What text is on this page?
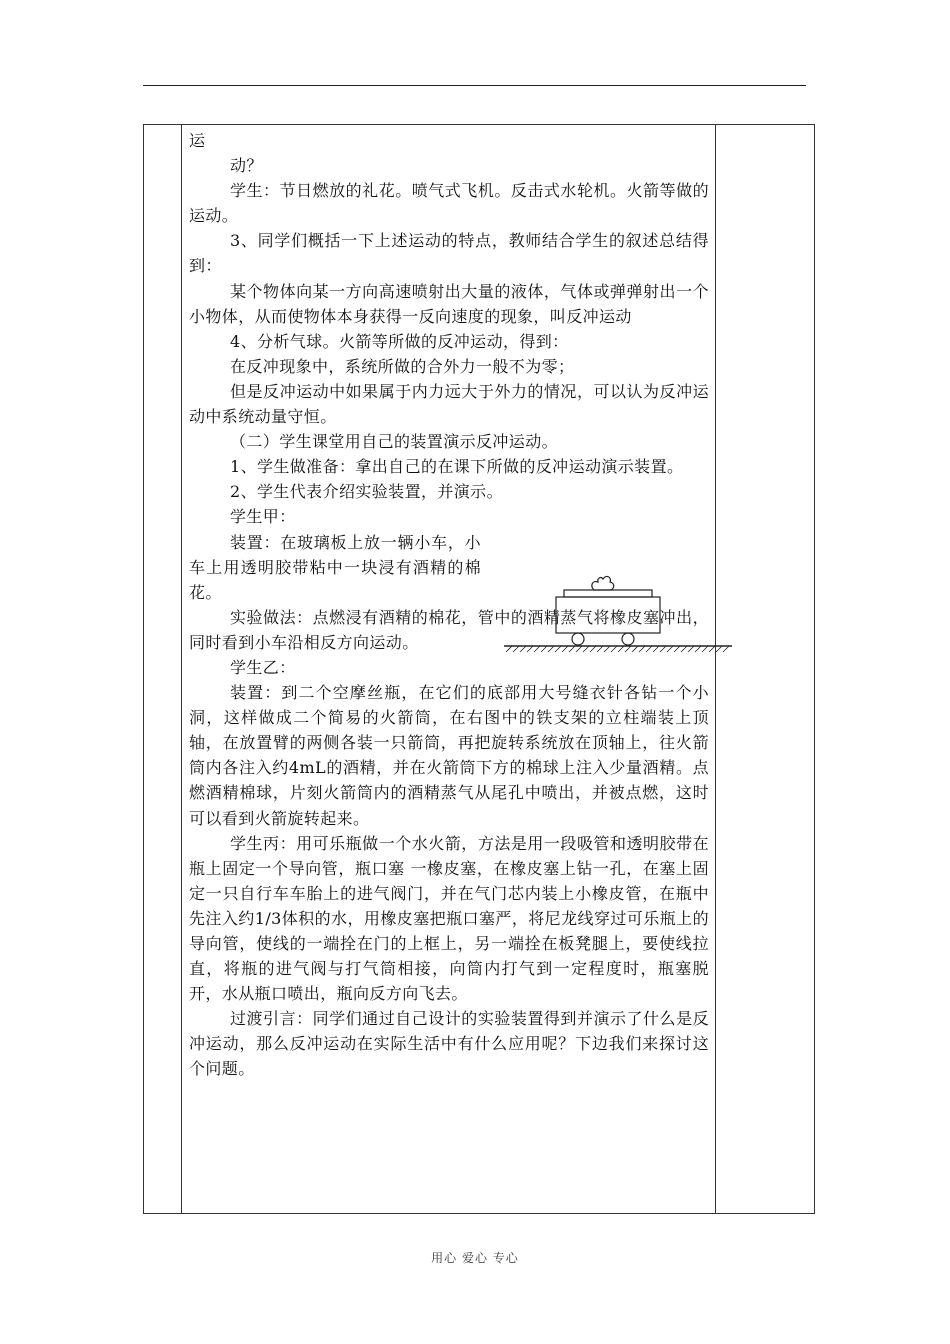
运

动？

学生：节日燃放的礼花。喷气式飞机。反击式水轮机。火箭等做的运动。

3、同学们概括一下上述运动的特点，教师结合学生的叙述总结得到：

某个物体向某一方向高速喷射出大量的液体，气体或弹弹射出一个小物体，从而使物体本身获得一反向速度的现象，叫反冲运动

4、分析气球。火箭等所做的反冲运动，得到：

在反冲现象中，系统所做的合外力一般不为零；

但是反冲运动中如果属于内力远大于外力的情况，可以认为反冲运动中系统动量守恒。

（二）学生课堂用自己的装置演示反冲运动。

1、学生做准备：拿出自己的在课下所做的反冲运动演示装置。

2、学生代表介绍实验装置，并演示。

学生甲：

装置：在玻璃板上放一辆小车，小车上用透明胶带粘中一块浸有酒精的棉花。

实验做法：点燃浸有酒精的棉花，管中的酒精蒸气将橡皮塞冲出，同时看到小车沿相反方向运动。

学生乙：

装置：到二个空摩丝瓶，在它们的底部用大号缝衣针各钻一个小洞，这样做成二个简易的火箭筒，在右图中的铁支架的立柱端装上顶轴，在放置臂的两侧各装一只箭筒，再把旋转系统放在顶轴上，往火箭筒内各注入约4mL的酒精，并在火箭筒下方的棉球上注入少量酒精。点燃酒精棉球，片刻火箭筒内的酒精蒸气从尾孔中喷出，并被点燃，这时可以看到火箭旋转起来。

学生丙：用可乐瓶做一个水火箭，方法是用一段吸管和透明胶带在瓶上固定一个导向管，瓶口塞 一橡皮塞，在橡皮塞上钻一孔，在塞上固定一只自行车车胎上的进气阀门，并在气门芯内装上小橡皮管，在瓶中先注入约1/3体积的水，用橡皮塞把瓶口塞严，将尼龙线穿过可乐瓶上的导向管，使线的一端拴在门的上框上，另一端拴在板凳腿上，要使线拉直，将瓶的进气阀与打气筒相接，向筒内打气到一定程度时，瓶塞脱开，水从瓶口喷出，瓶向反方向飞去。

过渡引言：同学们通过自己设计的实验装置得到并演示了什么是反冲运动，那么反冲运动在实际生活中有什么应用呢？下边我们来探讨这个问题。

用心 爱心 专心
